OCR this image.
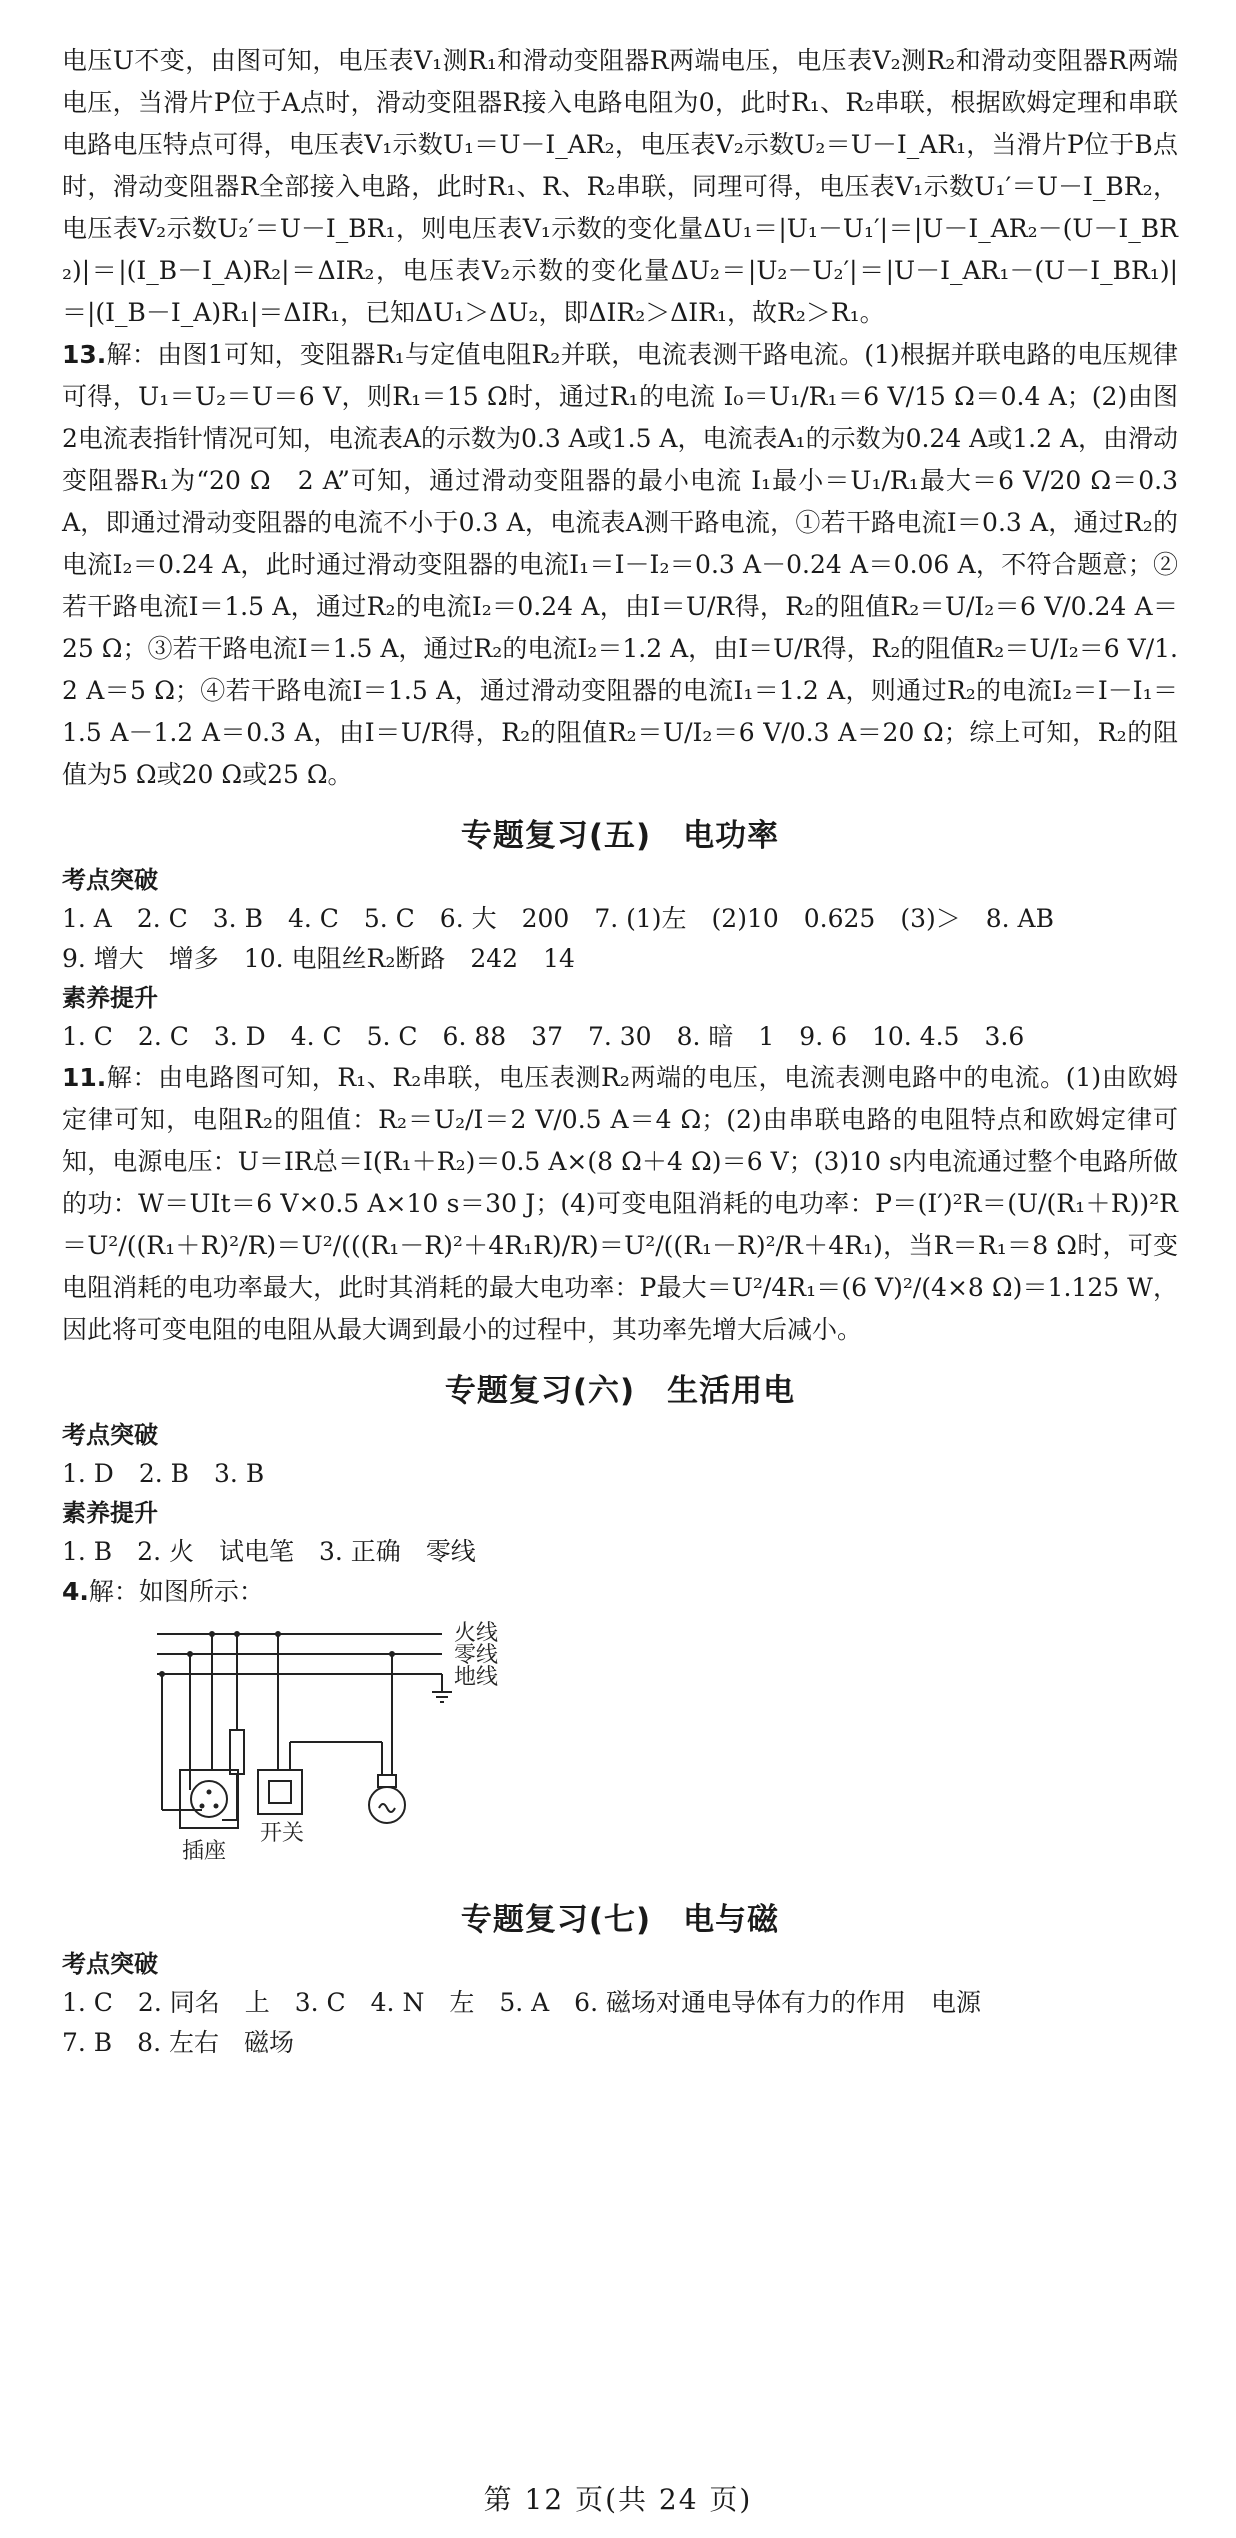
电压U不变，由图可知，电压表V₁测R₁和滑动变阻器R两端电压，电压表V₂测R₂和滑动变阻器R两端电压，当滑片P位于A点时，滑动变阻器R接入电路电阻为0，此时R₁、R₂串联，根据欧姆定理和串联电路电压特点可得，电压表V₁示数U₁＝U－I_AR₂，电压表V₂示数U₂＝U－I_AR₁，当滑片P位于B点时，滑动变阻器R全部接入电路，此时R₁、R、R₂串联，同理可得，电压表V₁示数U₁′＝U－I_BR₂，电压表V₂示数U₂′＝U－I_BR₁，则电压表V₁示数的变化量ΔU₁＝|U₁－U₁′|＝|U－I_AR₂－(U－I_BR₂)|＝|(I_B－I_A)R₂|＝ΔIR₂，电压表V₂示数的变化量ΔU₂＝|U₂－U₂′|＝|U－I_AR₁－(U－I_BR₁)|＝|(I_B－I_A)R₁|＝ΔIR₁，已知ΔU₁＞ΔU₂，即ΔIR₂＞ΔIR₁，故R₂＞R₁。

13.解：由图1可知，变阻器R₁与定值电阻R₂并联，电流表测干路电流。(1)根据并联电路的电压规律可得，U₁＝U₂＝U＝6 V，则R₁＝15 Ω时，通过R₁的电流 I₀＝U₁/R₁＝6 V/15 Ω＝0.4 A；(2)由图2电流表指针情况可知，电流表A的示数为0.3 A或1.5 A，电流表A₁的示数为0.24 A或1.2 A，由滑动变阻器R₁为“20 Ω　2 A”可知，通过滑动变阻器的最小电流 I₁最小＝U₁/R₁最大＝6 V/20 Ω＝0.3 A，即通过滑动变阻器的电流不小于0.3 A，电流表A测干路电流，①若干路电流I＝0.3 A，通过R₂的电流I₂＝0.24 A，此时通过滑动变阻器的电流I₁＝I－I₂＝0.3 A－0.24 A＝0.06 A，不符合题意；②若干路电流I＝1.5 A，通过R₂的电流I₂＝0.24 A，由I＝U/R得，R₂的阻值R₂＝U/I₂＝6 V/0.24 A＝25 Ω；③若干路电流I＝1.5 A，通过R₂的电流I₂＝1.2 A，由I＝U/R得，R₂的阻值R₂＝U/I₂＝6 V/1.2 A＝5 Ω；④若干路电流I＝1.5 A，通过滑动变阻器的电流I₁＝1.2 A，则通过R₂的电流I₂＝I－I₁＝1.5 A－1.2 A＝0.3 A，由I＝U/R得，R₂的阻值R₂＝U/I₂＝6 V/0.3 A＝20 Ω；综上可知，R₂的阻值为5 Ω或20 Ω或25 Ω。

专题复习(五)　电功率

考点突破

1. A　2. C　3. B　4. C　5. C　6. 大　200　7. (1)左　(2)10　0.625　(3)＞　8. AB

9. 增大　增多　10. 电阻丝R₂断路　242　14

素养提升

1. C　2. C　3. D　4. C　5. C　6. 88　37　7. 30　8. 暗　1　9. 6　10. 4.5　3.6

11.解：由电路图可知，R₁、R₂串联，电压表测R₂两端的电压，电流表测电路中的电流。(1)由欧姆定律可知，电阻R₂的阻值：R₂＝U₂/I＝2 V/0.5 A＝4 Ω；(2)由串联电路的电阻特点和欧姆定律可知，电源电压：U＝IR总＝I(R₁＋R₂)＝0.5 A×(8 Ω＋4 Ω)＝6 V；(3)10 s内电流通过整个电路所做的功：W＝UIt＝6 V×0.5 A×10 s＝30 J；(4)可变电阻消耗的电功率：P＝(I′)²R＝(U/(R₁＋R))²R＝U²/((R₁＋R)²/R)＝U²/(((R₁－R)²＋4R₁R)/R)＝U²/((R₁－R)²/R＋4R₁)，当R＝R₁＝8 Ω时，可变电阻消耗的电功率最大，此时其消耗的最大电功率：P最大＝U²/4R₁＝(6 V)²/(4×8 Ω)＝1.125 W，因此将可变电阻的电阻从最大调到最小的过程中，其功率先增大后减小。

专题复习(六)　生活用电

考点突破

1. D　2. B　3. B

素养提升

1. B　2. 火　试电笔　3. 正确　零线

4.解：如图所示：

火线
零线
地线
插座
开关
专题复习(七)　电与磁

考点突破

1. C　2. 同名　上　3. C　4. N　左　5. A　6. 磁场对通电导体有力的作用　电源

7. B　8. 左右　磁场

第 12 页(共 24 页)
